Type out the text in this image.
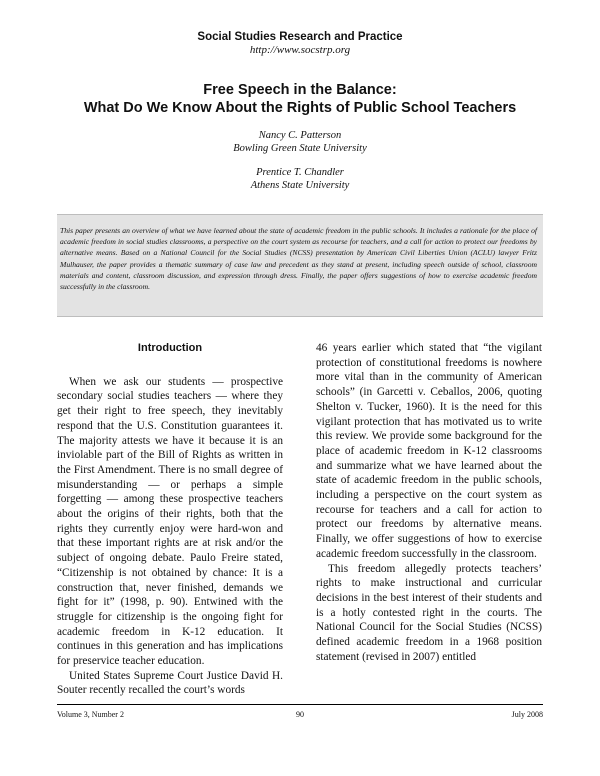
Social Studies Research and Practice
http://www.socstrp.org
Free Speech in the Balance:
What Do We Know About the Rights of Public School Teachers
Nancy C. Patterson
Bowling Green State University
Prentice T. Chandler
Athens State University
This paper presents an overview of what we have learned about the state of academic freedom in the public schools. It includes a rationale for the place of academic freedom in social studies classrooms, a perspective on the court system as recourse for teachers, and a call for action to protect our freedoms by alternative means. Based on a National Council for the Social Studies (NCSS) presentation by American Civil Liberties Union (ACLU) lawyer Fritz Mulhauser, the paper provides a thematic summary of case law and precedent as they stand at present, including speech outside of school, classroom materials and content, classroom discussion, and expression through dress. Finally, the paper offers suggestions of how to exercise academic freedom successfully in the classroom.
Introduction

When we ask our students — prospective secondary social studies teachers — where they get their right to free speech, they inevitably respond that the U.S. Constitution guarantees it. The majority attests we have it because it is an inviolable part of the Bill of Rights as written in the First Amendment. There is no small degree of misunderstanding — or perhaps a simple forgetting — among these prospective teachers about the origins of their rights, both that the rights they currently enjoy were hard-won and that these important rights are at risk and/or the subject of ongoing debate. Paulo Freire stated, “Citizenship is not obtained by chance: It is a construction that, never finished, demands we fight for it” (1998, p. 90). Entwined with the struggle for citizenship is the ongoing fight for academic freedom in K-12 education. It continues in this generation and has implications for preservice teacher education.

United States Supreme Court Justice David H. Souter recently recalled the court’s words

46 years earlier which stated that “the vigilant protection of constitutional freedoms is nowhere more vital than in the community of American schools” (in Garcetti v. Ceballos, 2006, quoting Shelton v. Tucker, 1960). It is the need for this vigilant protection that has motivated us to write this review. We provide some background for the place of academic freedom in K-12 classrooms and summarize what we have learned about the state of academic freedom in the public schools, including a perspective on the court system as recourse for teachers and a call for action to protect our freedoms by alternative means. Finally, we offer suggestions of how to exercise academic freedom successfully in the classroom.

This freedom allegedly protects teachers’ rights to make instructional and curricular decisions in the best interest of their students and is a hotly contested right in the courts. The National Council for the Social Studies (NCSS) defined academic freedom in a 1968 position statement (revised in 2007) entitled

Volume 3, Number 2	90	July 2008
